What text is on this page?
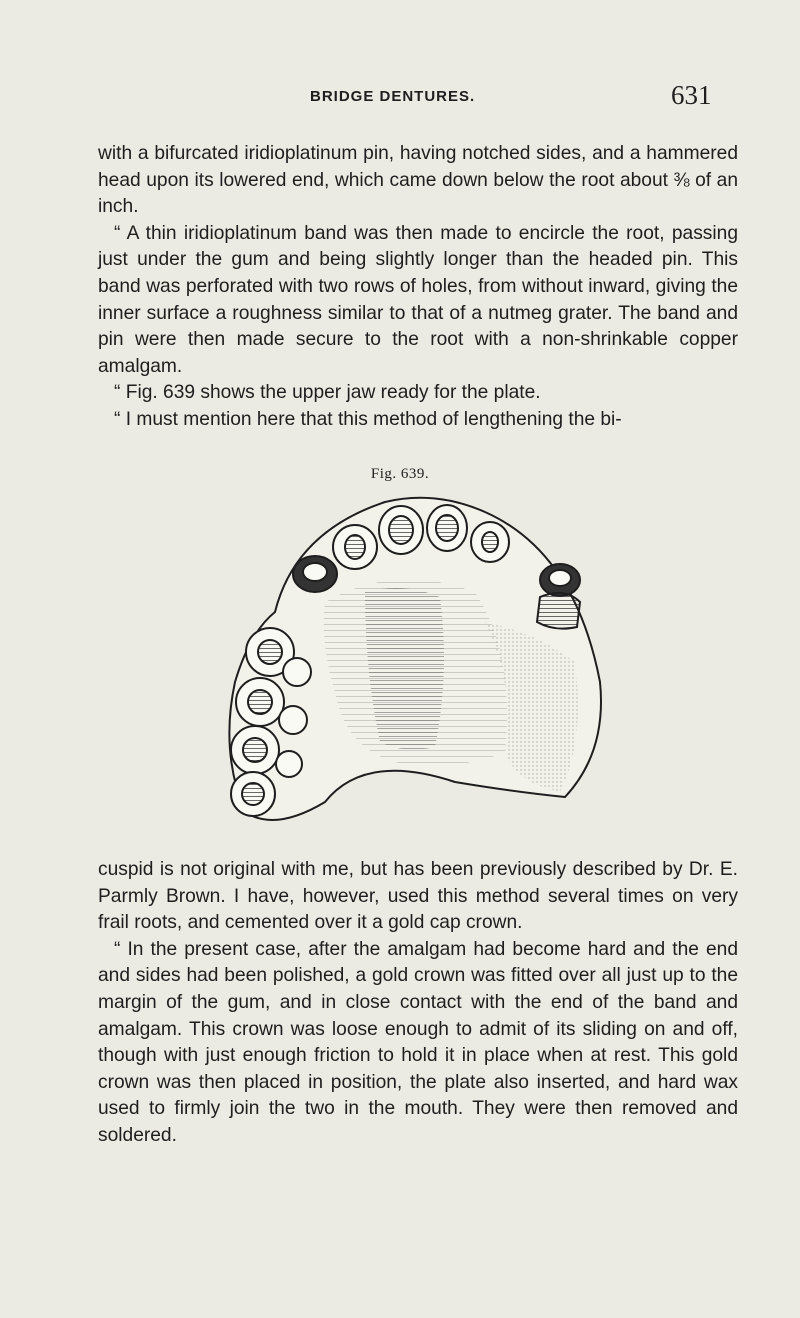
BRIDGE DENTURES.	631

with a bifurcated iridioplatinum pin, having notched sides, and a hammered head upon its lowered end, which came down below the root about ⅜ of an inch.

“ A thin iridioplatinum band was then made to encircle the root, passing just under the gum and being slightly longer than the headed pin. This band was perforated with two rows of holes, from without inward, giving the inner surface a roughness similar to that of a nutmeg grater. The band and pin were then made secure to the root with a non-shrinkable copper amalgam.

“ Fig. 639 shows the upper jaw ready for the plate.

“ I must mention here that this method of lengthening the bi-

Fig. 639.

cuspid is not original with me, but has been previously described by Dr. E. Parmly Brown. I have, however, used this method several times on very frail roots, and cemented over it a gold cap crown.

“ In the present case, after the amalgam had become hard and the end and sides had been polished, a gold crown was fitted over all just up to the margin of the gum, and in close contact with the end of the band and amalgam. This crown was loose enough to admit of its sliding on and off, though with just enough friction to hold it in place when at rest. This gold crown was then placed in position, the plate also inserted, and hard wax used to firmly join the two in the mouth. They were then removed and soldered.
